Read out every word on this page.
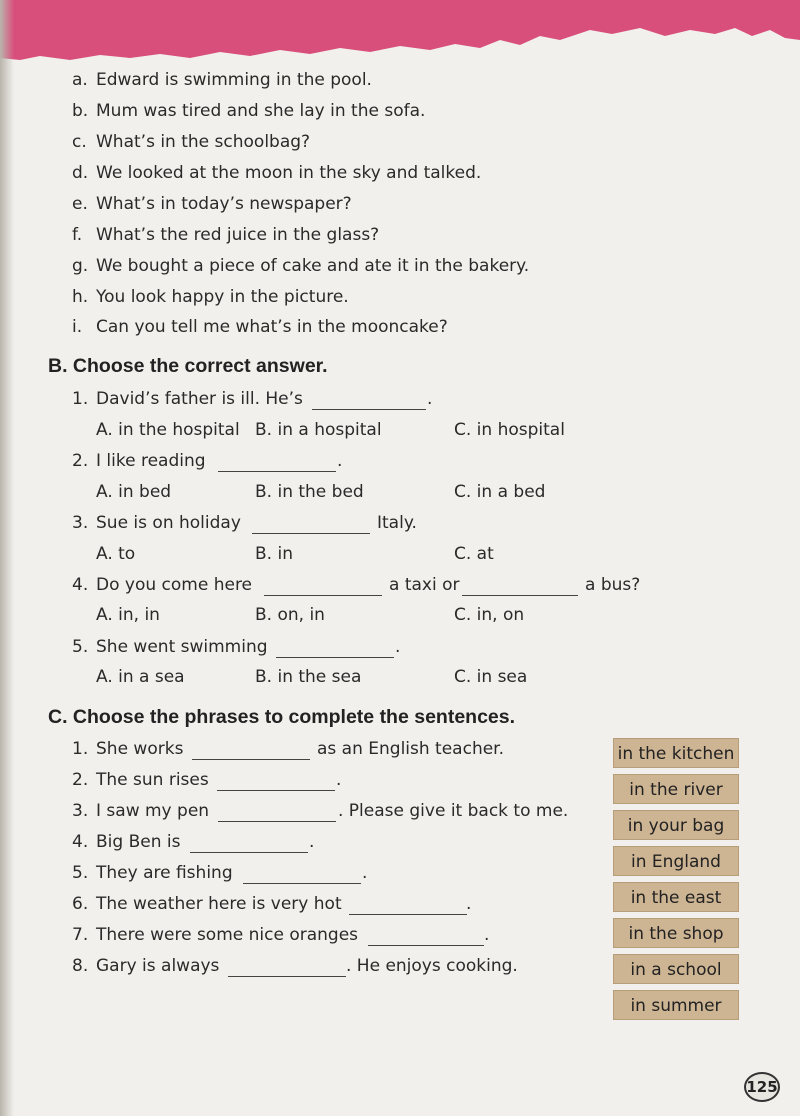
a. Edward is swimming in the pool.
b. Mum was tired and she lay in the sofa.
c. What’s in the schoolbag?
d. We looked at the moon in the sky and talked.
e. What’s in today’s newspaper?
f. What’s the red juice in the glass?
g. We bought a piece of cake and ate it in the bakery.
h. You look happy in the picture.
i. Can you tell me what’s in the mooncake?
B. Choose the correct answer.
1. David’s father is ill. He’s	.
A. in the hospital B. in a hospital	C. in hospital
2. I like reading	.
A. in bed	B. in the bed	C. in a bed
3. Sue is on holiday	Italy.
A. to	B. in	C. at
4. Do you come here	a taxi or	a bus?
A. in, in	B. on, in	C. in, on
5. She went swimming	.
A. in a sea	B. in the sea	C. in sea
C. Choose the phrases to complete the sentences.
1. She works	as an English teacher.
2. The sun rises	.
3. I saw my pen	. Please give it back to me.
4. Big Ben is	.
5. They are fishing	.
6. The weather here is very hot	.
7. There were some nice oranges	.
8. Gary is always	. He enjoys cooking.
in the kitchen
in the river
in your bag
in England
in the east
in the shop
in a school
in summer
125
